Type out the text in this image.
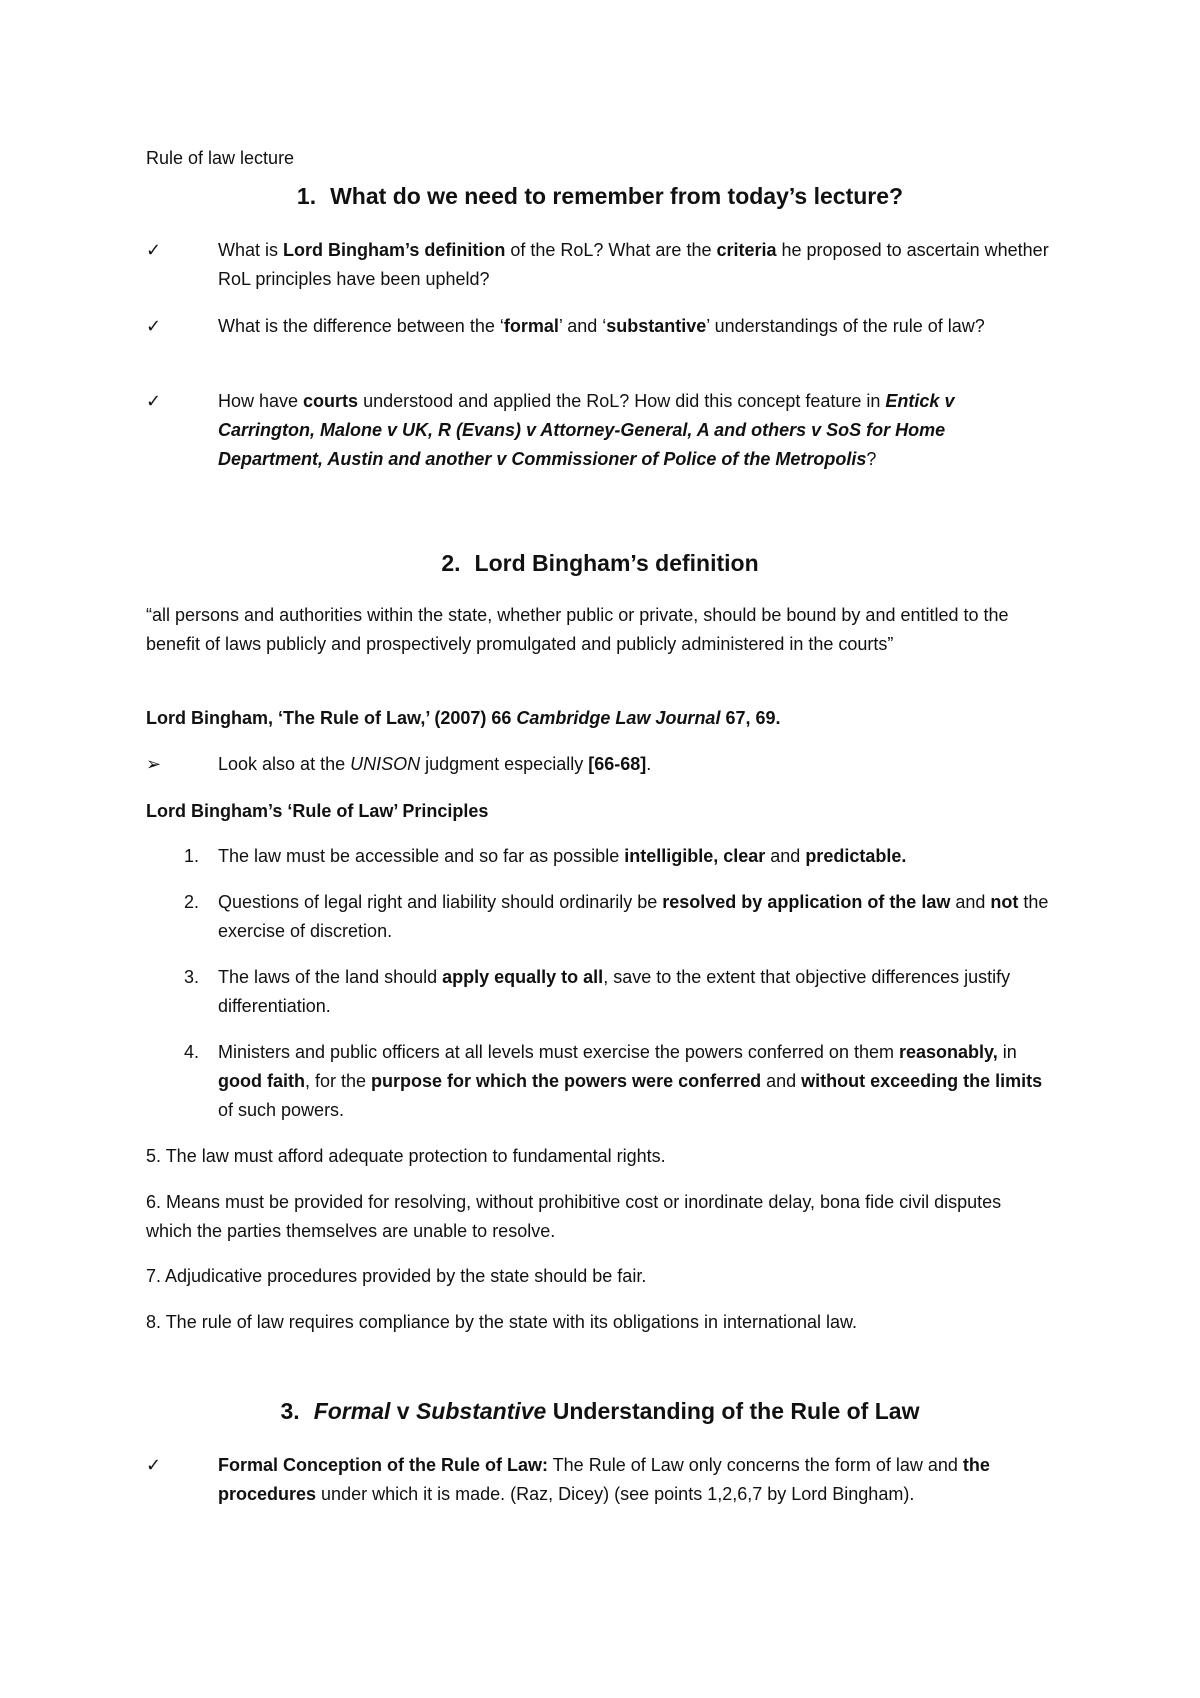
Rule of law lecture
1. What do we need to remember from today’s lecture?
✓	What is Lord Bingham’s definition of the RoL? What are the criteria he proposed to ascertain whether RoL principles have been upheld?
✓	What is the difference between the ‘formal’ and ‘substantive’ understandings of the rule of law?
✓	How have courts understood and applied the RoL? How did this concept feature in Entick v Carrington, Malone v UK, R (Evans) v Attorney-General, A and others v SoS for Home Department, Austin and another v Commissioner of Police of the Metropolis?
2. Lord Bingham’s definition
“all persons and authorities within the state, whether public or private, should be bound by and entitled to the benefit of laws publicly and prospectively promulgated and publicly administered in the courts”
Lord Bingham, ‘The Rule of Law,’ (2007) 66 Cambridge Law Journal 67, 69.
➢	Look also at the UNISON judgment especially [66-68].
Lord Bingham’s ‘Rule of Law’ Principles
1. The law must be accessible and so far as possible intelligible, clear and predictable.
2. Questions of legal right and liability should ordinarily be resolved by application of the law and not the exercise of discretion.
3. The laws of the land should apply equally to all, save to the extent that objective differences justify differentiation.
4. Ministers and public officers at all levels must exercise the powers conferred on them reasonably, in good faith, for the purpose for which the powers were conferred and without exceeding the limits of such powers.
5. The law must afford adequate protection to fundamental rights.
6. Means must be provided for resolving, without prohibitive cost or inordinate delay, bona fide civil disputes which the parties themselves are unable to resolve.
7. Adjudicative procedures provided by the state should be fair.
8. The rule of law requires compliance by the state with its obligations in international law.
3. Formal v Substantive Understanding of the Rule of Law
✓	Formal Conception of the Rule of Law: The Rule of Law only concerns the form of law and the procedures under which it is made. (Raz, Dicey) (see points 1,2,6,7 by Lord Bingham).
